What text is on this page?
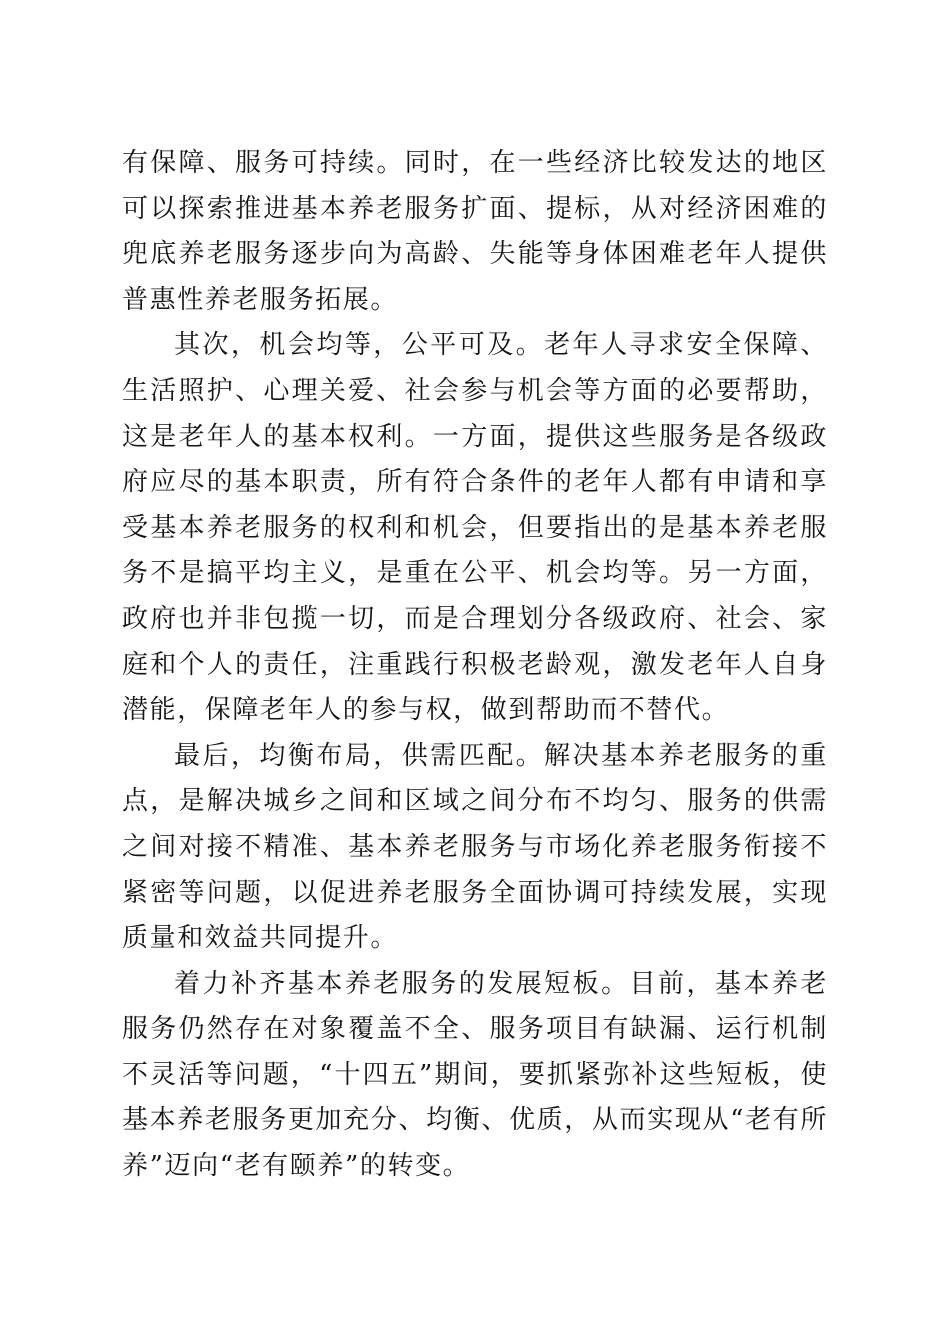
有保障、服务可持续。同时，在一些经济比较发达的地区可以探索推进基本养老服务扩面、提标，从对经济困难的兜底养老服务逐步向为高龄、失能等身体困难老年人提供普惠性养老服务拓展。

其次，机会均等，公平可及。老年人寻求安全保障、生活照护、心理关爱、社会参与机会等方面的必要帮助，这是老年人的基本权利。一方面，提供这些服务是各级政府应尽的基本职责，所有符合条件的老年人都有申请和享受基本养老服务的权利和机会，但要指出的是基本养老服务不是搞平均主义，是重在公平、机会均等。另一方面，政府也并非包揽一切，而是合理划分各级政府、社会、家庭和个人的责任，注重践行积极老龄观，激发老年人自身潜能，保障老年人的参与权，做到帮助而不替代。

最后，均衡布局，供需匹配。解决基本养老服务的重点，是解决城乡之间和区域之间分布不均匀、服务的供需之间对接不精准、基本养老服务与市场化养老服务衔接不紧密等问题，以促进养老服务全面协调可持续发展，实现质量和效益共同提升。

着力补齐基本养老服务的发展短板。目前，基本养老服务仍然存在对象覆盖不全、服务项目有缺漏、运行机制不灵活等问题，“十四五”期间，要抓紧弥补这些短板，使基本养老服务更加充分、均衡、优质，从而实现从“老有所养”迈向“老有颐养”的转变。
